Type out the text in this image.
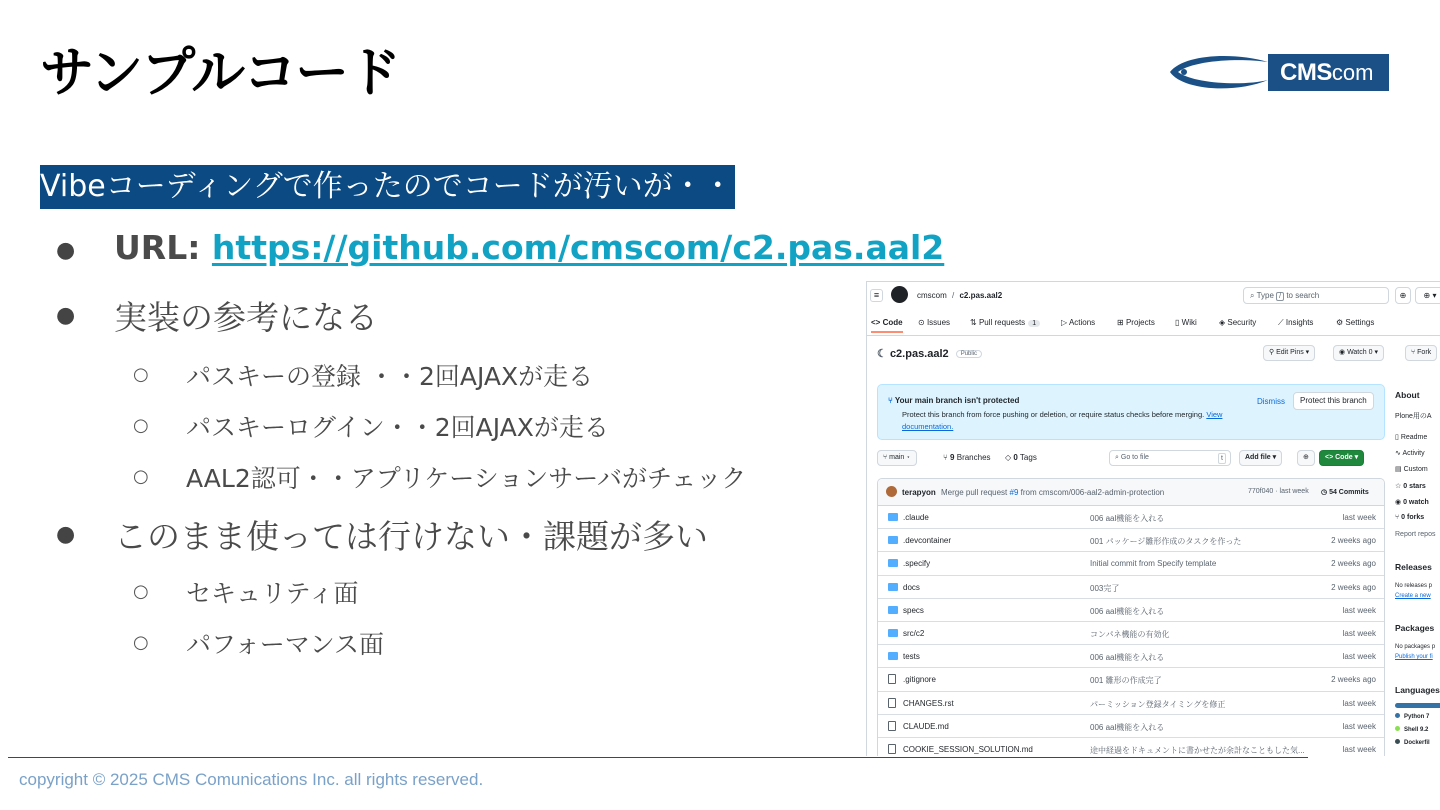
サンプルコード	CMS com
Vibeコーディングで作ったのでコードが汚いが・・
● URL: https://github.com/cmscom/c2.pas.aal2
● 実装の参考になる
○ パスキーの登録 ・・2回AJAXが走る
○ パスキーログイン・・2回AJAXが走る
○ AAL2認可・・アプリケーションサーバがチェック
● このまま使っては行けない・課題が多い
○ セキュリティ面
○ パフォーマンス面
≡	cmscom / c2.pas.aal2	⌕ Type / to search	⊕	⊕ ▾
<> Code ⊙ Issues ⇅ Pull requests 1	▷ Actions	⊞ Projects	▯ Wiki	◈ Security	⟋ Insights	⚙ Settings
☾ c2.pas.aal2 Public	⚲ Edit Pins ▾	◉ Watch 0 ▾	⑂ Fork
⑂ Your main branch isn't protected
Protect this branch from force pushing or deletion, or require status checks before merging. View documentation.
Dismiss	Protect this branch
⑂ main ▾	⑂ 9 Branches ◇ 0 Tags	⌕ Go to file	t	Add file ▾	⊕	<> Code ▾
terapyon Merge pull request #9 from cmscom/006-aal2-admin-protection	770f040 · last week ◷ 54 Commits
.claude	006 aal機能を入れる	last week
.devcontainer	001 パッケージ雛形作成のタスクを作った	2 weeks ago
.specify	Initial commit from Specify template	2 weeks ago
docs	003完了	2 weeks ago
specs	006 aal機能を入れる	last week
src/c2	コンパネ機能の有効化	last week
tests	006 aal機能を入れる	last week
.gitignore	001 雛形の作成完了	2 weeks ago
CHANGES.rst	パーミッション登録タイミングを修正	last week
CLAUDE.md	006 aal機能を入れる	last week
COOKIE_SESSION_SOLUTION.md	途中経過をドキュメントに書かせたが余計なこともした気...	last week
About
Plone用のA
▯ Readme
∿ Activity
▤ Custom
☆ 0 stars
◉ 0 watch
⑂ 0 forks
Report repos
Releases
No releases p
Create a new
Packages
No packages p
Publish your fi
Languages
Python 7
Shell 9.2
Dockerfil
copyright © 2025 CMS Comunications Inc. all rights reserved.
